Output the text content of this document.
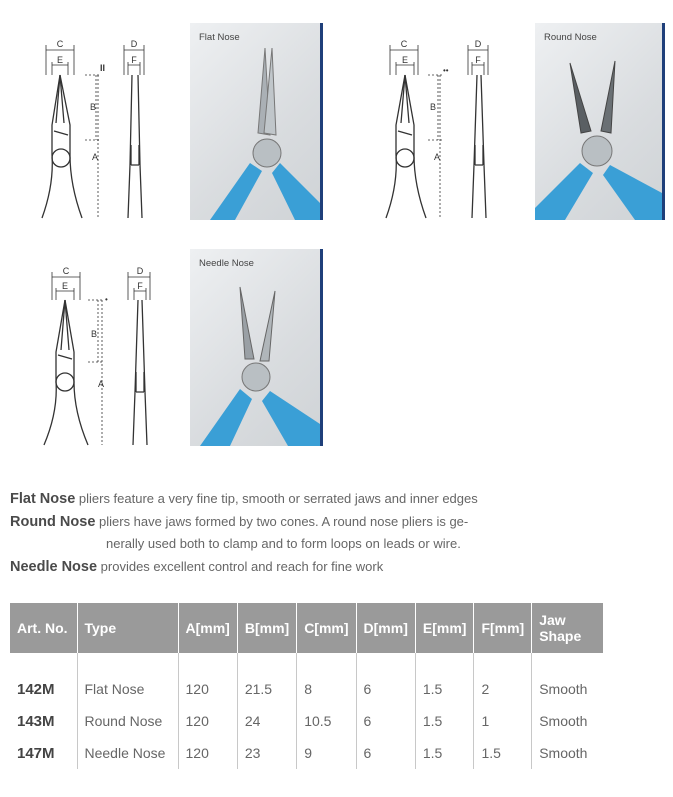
C
E
D
F
B
A
II
Flat Nose
C
E
D
F
B
A
••
Round Nose
C
E
D
F
B
A
•
Needle Nose
Flat Nose pliers feature a very fine tip, smooth or serrated jaws and inner edges
Round Nose pliers have jaws formed by two cones. A round nose pliers is ge-
nerally used both to clamp and to form loops on leads or wire.
Needle Nose provides excellent control and reach for fine work
Art. No.	Type	A[mm]	B[mm]	C[mm]	D[mm]	E[mm]	F[mm]	Jaw Shape

142M	Flat Nose	120	21.5	8	6	1.5	2	Smooth
143M	Round Nose	120	24	10.5	6	1.5	1	Smooth
147M	Needle Nose	120	23	9	6	1.5	1.5	Smooth
